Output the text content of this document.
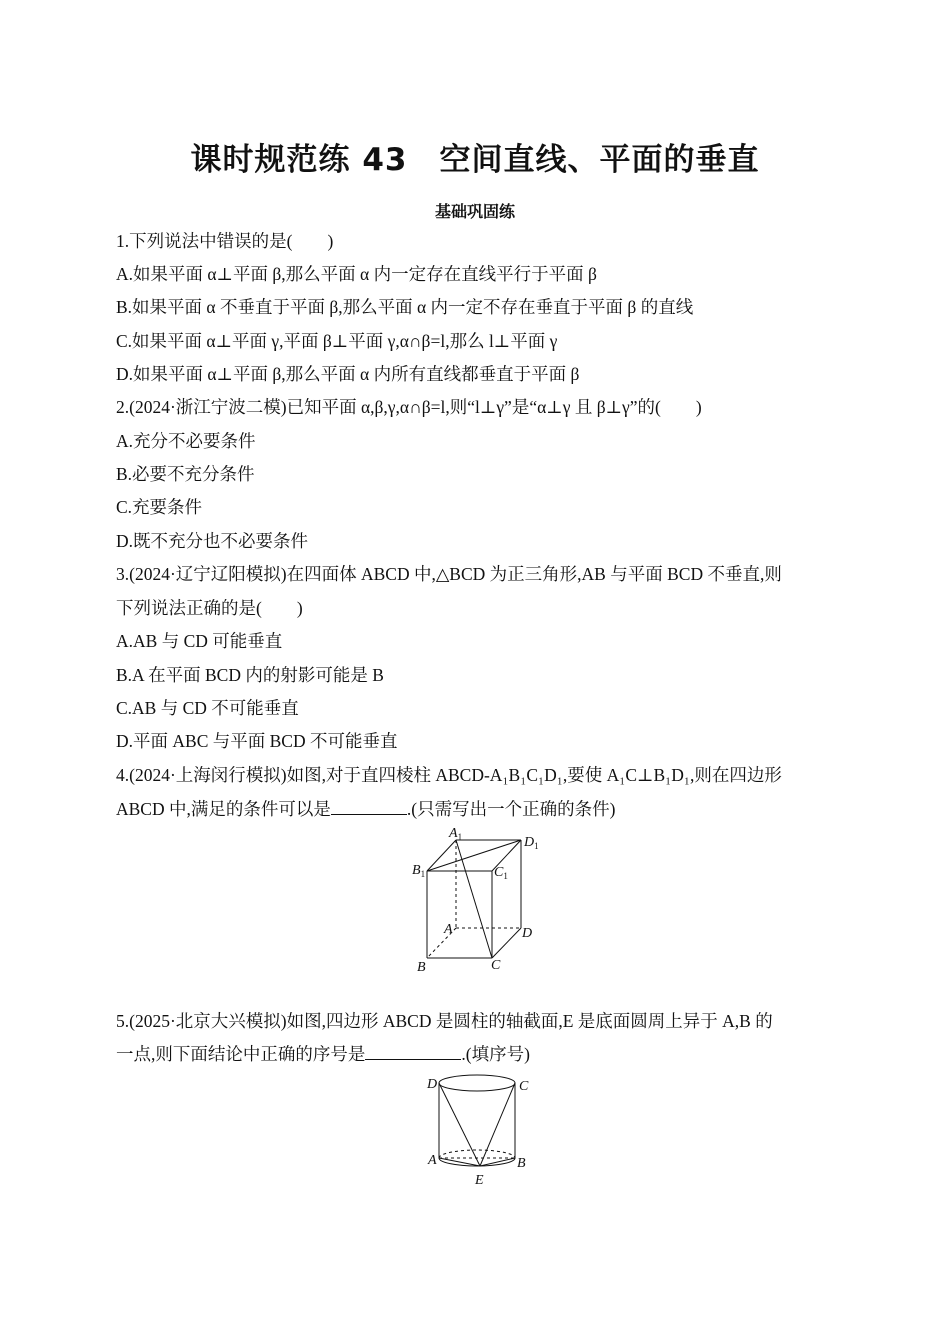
课时规范练 43　空间直线、平面的垂直
基础巩固练
1.下列说法中错误的是(　　)
A.如果平面 α⊥平面 β,那么平面 α 内一定存在直线平行于平面 β
B.如果平面 α 不垂直于平面 β,那么平面 α 内一定不存在垂直于平面 β 的直线
C.如果平面 α⊥平面 γ,平面 β⊥平面 γ,α∩β=l,那么 l⊥平面 γ
D.如果平面 α⊥平面 β,那么平面 α 内所有直线都垂直于平面 β
2.(2024·浙江宁波二模)已知平面 α,β,γ,α∩β=l,则“l⊥γ”是“α⊥γ 且 β⊥γ”的(　　)
A.充分不必要条件
B.必要不充分条件
C.充要条件
D.既不充分也不必要条件
3.(2024·辽宁辽阳模拟)在四面体 ABCD 中,△BCD 为正三角形,AB 与平面 BCD 不垂直,则
下列说法正确的是(　　)
A.AB 与 CD 可能垂直
B.A 在平面 BCD 内的射影可能是 B
C.AB 与 CD 不可能垂直
D.平面 ABC 与平面 BCD 不可能垂直
4.(2024·上海闵行模拟)如图,对于直四棱柱 ABCD-A₁B₁C₁D₁,要使 A₁C⊥B₁D₁,则在四边形
ABCD 中,满足的条件可以是	.(只需写出一个正确的条件)
$A_1$	$D_1$
$B_1$	$C_1$
A	D
B	C
5.(2025·北京大兴模拟)如图,四边形 ABCD 是圆柱的轴截面,E 是底面圆周上异于 A,B 的
一点,则下面结论中正确的序号是	.(填序号)
D	C
A	B
E
